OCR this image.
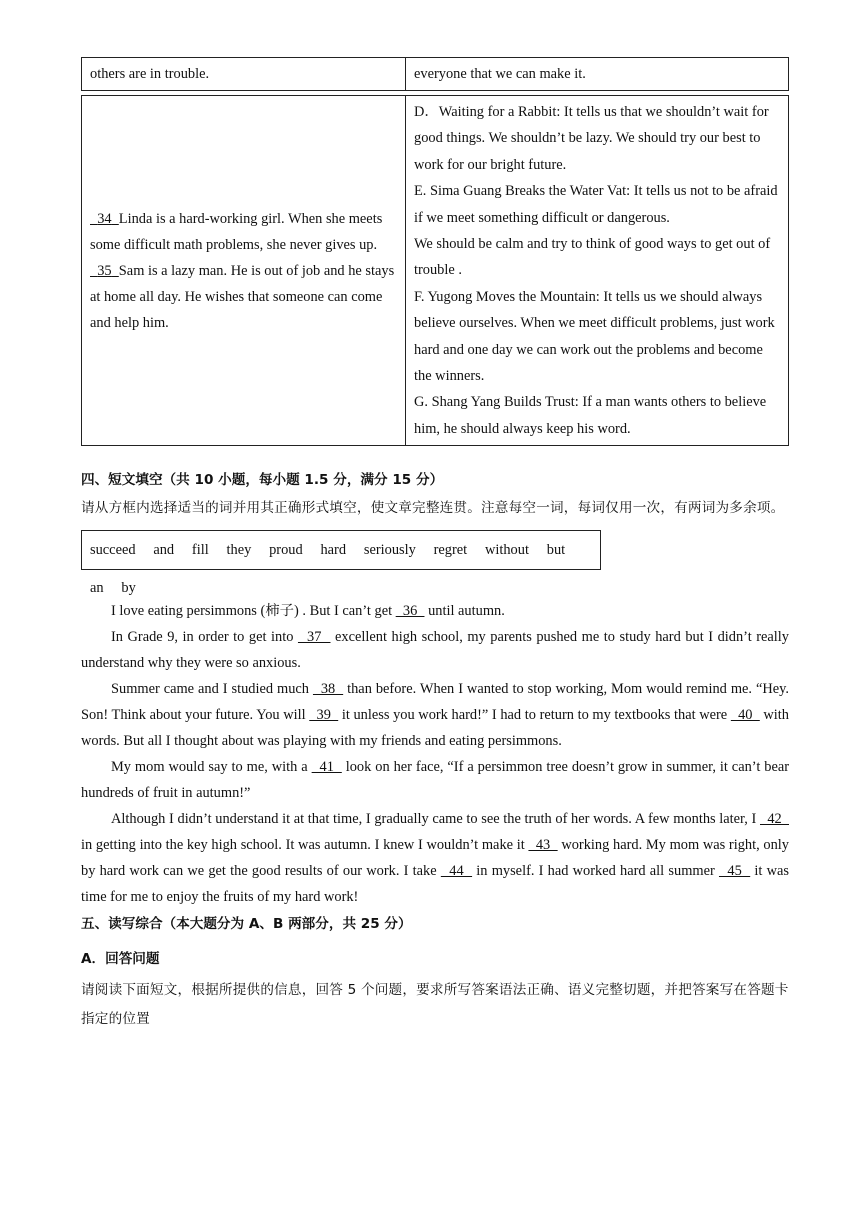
others are in trouble.	everyone that we can make it.
34 Linda is a hard-working girl. When she meets some difficult math problems, she never gives up.
35 Sam is a lazy man. He is out of job and he stays at home all day. He wishes that someone can come and help him.

D．Waiting for a Rabbit: It tells us that we shouldn’t wait for good things. We shouldn’t be lazy. We should try our best to work for our bright future.
E. Sima Guang Breaks the Water Vat: It tells us not to be afraid if we meet something difficult or dangerous.
We should be calm and try to think of good ways to get out of trouble .
F. Yugong Moves the Mountain: It tells us we should always believe ourselves. When we meet difficult problems, just work hard and one day we can work out the problems and become the winners.
G. Shang Yang Builds Trust: If a man wants others to believe him, he should always keep his word.
四、短文填空（共 10 小题，每小题 1.5 分，满分 15 分）
请从方框内选择适当的词并用其正确形式填空，使文章完整连贯。注意每空一词，每词仅用一次，有两词为多余项。
succeed and fill they proud hard seriously regret without but an by
I love eating persimmons (柿子) . But I can’t get   36   until autumn.
In Grade 9, in order to get into   37   excellent high school, my parents pushed me to study hard but I didn’t really understand why they were so anxious.
Summer came and I studied much   38   than before. When I wanted to stop working, Mom would remind me. “Hey. Son! Think about your future. You will   39   it unless you work hard!” I had to return to my textbooks that were   40   with words. But all I thought about was playing with my friends and eating persimmons.
My mom would say to me, with a   41   look on her face, “If a persimmon tree doesn’t grow in summer, it can’t bear hundreds of fruit in autumn!”
Although I didn’t understand it at that time, I gradually came to see the truth of her words. A few months later, I   42   in getting into the key high school. It was autumn. I knew I wouldn’t make it   43   working hard. My mom was right, only by hard work can we get the good results of our work. I take   44   in myself. I had worked hard all summer   45   it was time for me to enjoy the fruits of my hard work!
五、读写综合（本大题分为 A、B 两部分，共 25 分）
A．回答问题
请阅读下面短文，根据所提供的信息，回答 5 个问题，要求所写答案语法正确、语义完整切题，并把答案写在答题卡指定的位置
